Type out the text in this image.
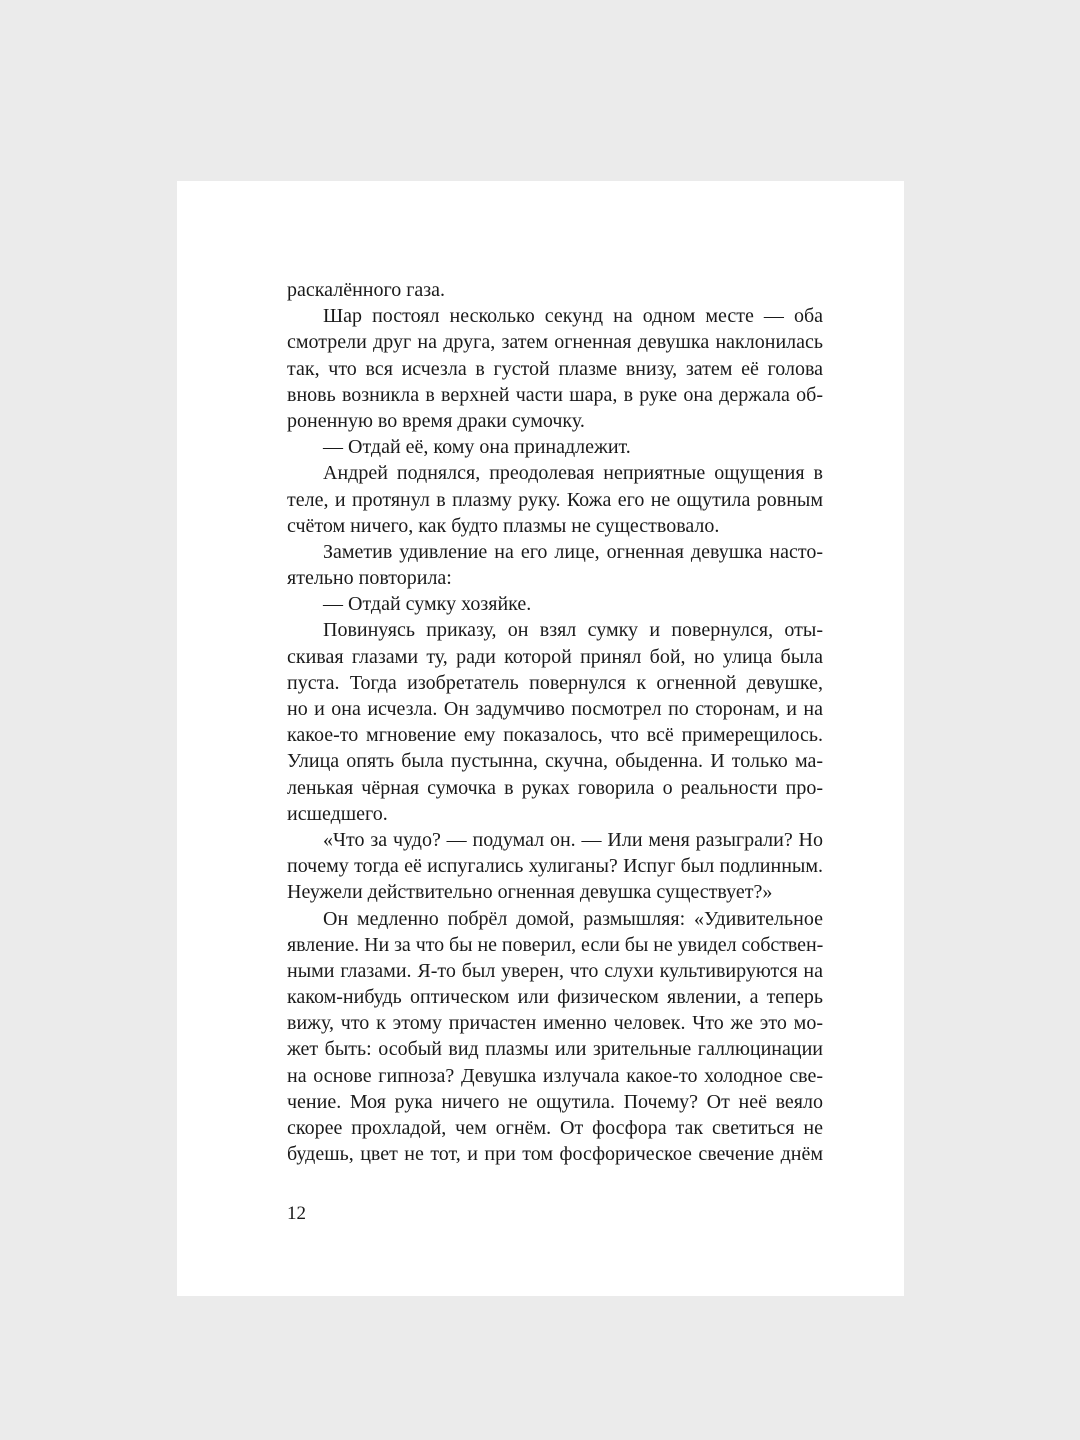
раскалённого газа.
Шар постоял несколько секунд на одном месте — оба
смотрели друг на друга, затем огненная девушка наклонилась
так, что вся исчезла в густой плазме внизу, затем её голова
вновь возникла в верхней части шара, в руке она держала об-
роненную во время драки сумочку.
— Отдай её, кому она принадлежит.
Андрей поднялся, преодолевая неприятные ощущения в
теле, и протянул в плазму руку. Кожа его не ощутила ровным
счётом ничего, как будто плазмы не существовало.
Заметив удивление на его лице, огненная девушка насто-
ятельно повторила:
— Отдай сумку хозяйке.
Повинуясь приказу, он взял сумку и повернулся, оты-
скивая глазами ту, ради которой принял бой, но улица была
пуста. Тогда изобретатель повернулся к огненной девушке,
но и она исчезла. Он задумчиво посмотрел по сторонам, и на
какое-то мгновение ему показалось, что всё примерещилось.
Улица опять была пустынна, скучна, обыденна. И только ма-
ленькая чёрная сумочка в руках говорила о реальности про-
исшедшего.
«Что за чудо? — подумал он. — Или меня разыграли? Но
почему тогда её испугались хулиганы? Испуг был подлинным.
Неужели действительно огненная девушка существует?»
Он медленно побрёл домой, размышляя: «Удивительное
явление. Ни за что бы не поверил, если бы не увидел собствен-
ными глазами. Я-то был уверен, что слухи культивируются на
каком-нибудь оптическом или физическом явлении, а теперь
вижу, что к этому причастен именно человек. Что же это мо-
жет быть: особый вид плазмы или зрительные галлюцинации
на основе гипноза? Девушка излучала какое-то холодное све-
чение. Моя рука ничего не ощутила. Почему? От неё веяло
скорее прохладой, чем огнём. От фосфора так светиться не
будешь, цвет не тот, и при том фосфорическое свечение днём
12
